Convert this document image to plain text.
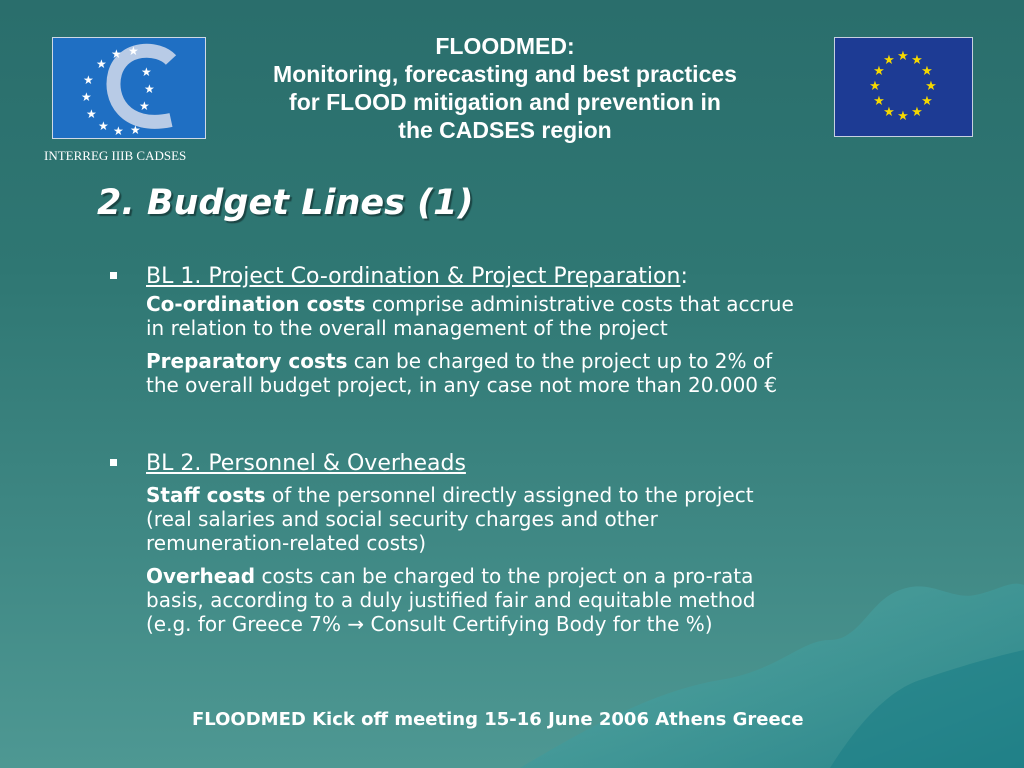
★
★ ★
★
★
★
★ ★ ★
★
★
★
INTERREG IIIB CADSES
FLOODMED:
Monitoring, forecasting and best practices
for FLOOD mitigation and prevention in
the CADSES region
★ ★
★
★
★
★
★
★
★
★
★
★
2. Budget Lines (1)
BL 1. Project Co-ordination & Project Preparation:
Co-ordination costs comprise administrative costs that accrue
in relation to the overall management of the project
Preparatory costs can be charged to the project up to 2% of
the overall budget project, in any case not more than 20.000 €
BL 2. Personnel & Overheads
Staff costs of the personnel directly assigned to the project
(real salaries and social security charges and other
remuneration-related costs)
Overhead costs can be charged to the project on a pro-rata
basis, according to a duly justified fair and equitable method
(e.g. for Greece 7% → Consult Certifying Body for the %)
FLOODMED Kick off meeting 15-16 June 2006 Athens Greece
